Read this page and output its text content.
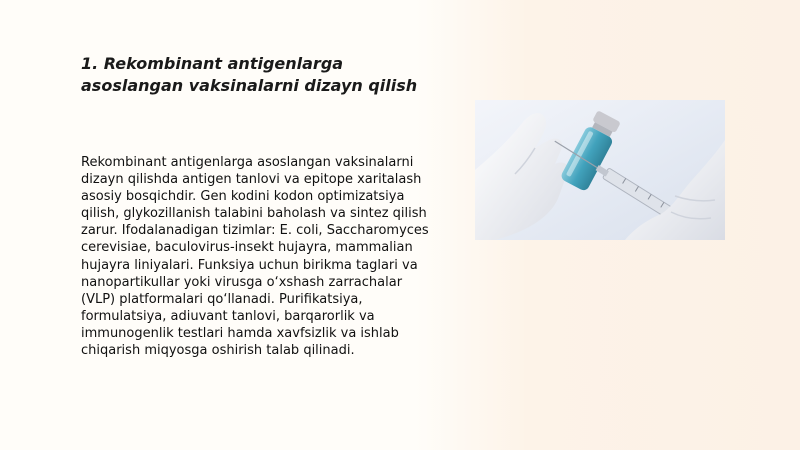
1. Rekombinant antigenlarga asoslangan vaksinalarni dizayn qilish

Rekombinant antigenlarga asoslangan vaksinalarni dizayn qilishda antigen tanlovi va epitope xaritalash asosiy bosqichdir. Gen kodini kodon optimizatsiya qilish, glykozillanish talabini baholash va sintez qilish zarur. Ifodalanadigan tizimlar: E. coli, Saccharomyces cerevisiae, baculovirus-insekt hujayra, mammalian hujayra liniyalari. Funksiya uchun birikma taglari va nanopartikullar yoki virusga o‘xshash zarrachalar (VLP) platformalari qo‘llanadi. Purifikatsiya, formulatsiya, adiuvant tanlovi, barqarorlik va immunogenlik testlari hamda xavfsizlik va ishlab chiqarish miqyosga oshirish talab qilinadi.
